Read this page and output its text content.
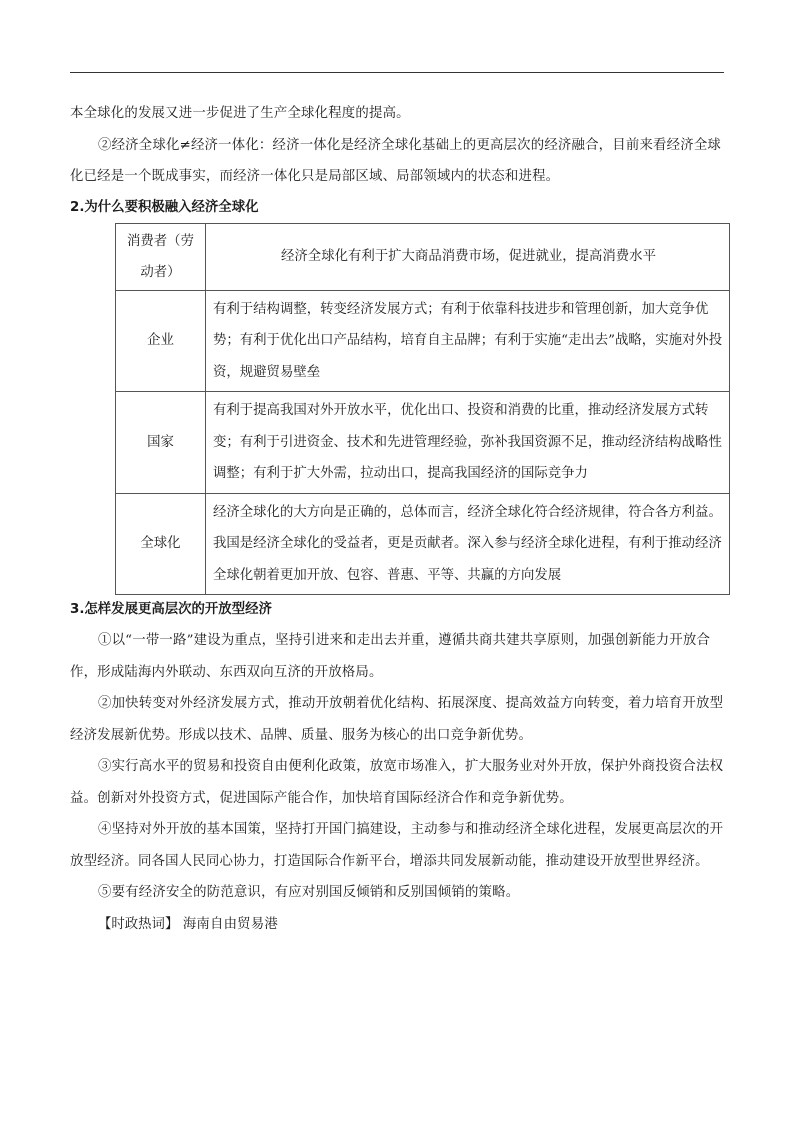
本全球化的发展又进一步促进了生产全球化程度的提高。

②经济全球化≠经济一体化：经济一体化是经济全球化基础上的更高层次的经济融合，目前来看经济全球化已经是一个既成事实，而经济一体化只是局部区域、局部领域内的状态和进程。

2.为什么要积极融入经济全球化
消费者（劳动者）	经济全球化有利于扩大商品消费市场，促进就业，提高消费水平
企业	有利于结构调整，转变经济发展方式；有利于依靠科技进步和管理创新，加大竞争优势；有利于优化出口产品结构，培育自主品牌；有利于实施“走出去”战略，实施对外投资，规避贸易壁垒
国家	有利于提高我国对外开放水平，优化出口、投资和消费的比重，推动经济发展方式转变；有利于引进资金、技术和先进管理经验，弥补我国资源不足，推动经济结构战略性调整；有利于扩大外需，拉动出口，提高我国经济的国际竞争力
全球化	经济全球化的大方向是正确的，总体而言，经济全球化符合经济规律，符合各方利益。我国是经济全球化的受益者，更是贡献者。深入参与经济全球化进程，有利于推动经济全球化朝着更加开放、包容、普惠、平等、共赢的方向发展
3.怎样发展更高层次的开放型经济

①以“一带一路”建设为重点，坚持引进来和走出去并重，遵循共商共建共享原则，加强创新能力开放合作，形成陆海内外联动、东西双向互济的开放格局。

②加快转变对外经济发展方式，推动开放朝着优化结构、拓展深度、提高效益方向转变，着力培育开放型经济发展新优势。形成以技术、品牌、质量、服务为核心的出口竞争新优势。

③实行高水平的贸易和投资自由便利化政策，放宽市场准入，扩大服务业对外开放，保护外商投资合法权益。创新对外投资方式，促进国际产能合作，加快培育国际经济合作和竞争新优势。

④坚持对外开放的基本国策，坚持打开国门搞建设，主动参与和推动经济全球化进程，发展更高层次的开放型经济。同各国人民同心协力，打造国际合作新平台，增添共同发展新动能，推动建设开放型世界经济。

⑤要有经济安全的防范意识，有应对别国反倾销和反别国倾销的策略。

【时政热词】 海南自由贸易港
